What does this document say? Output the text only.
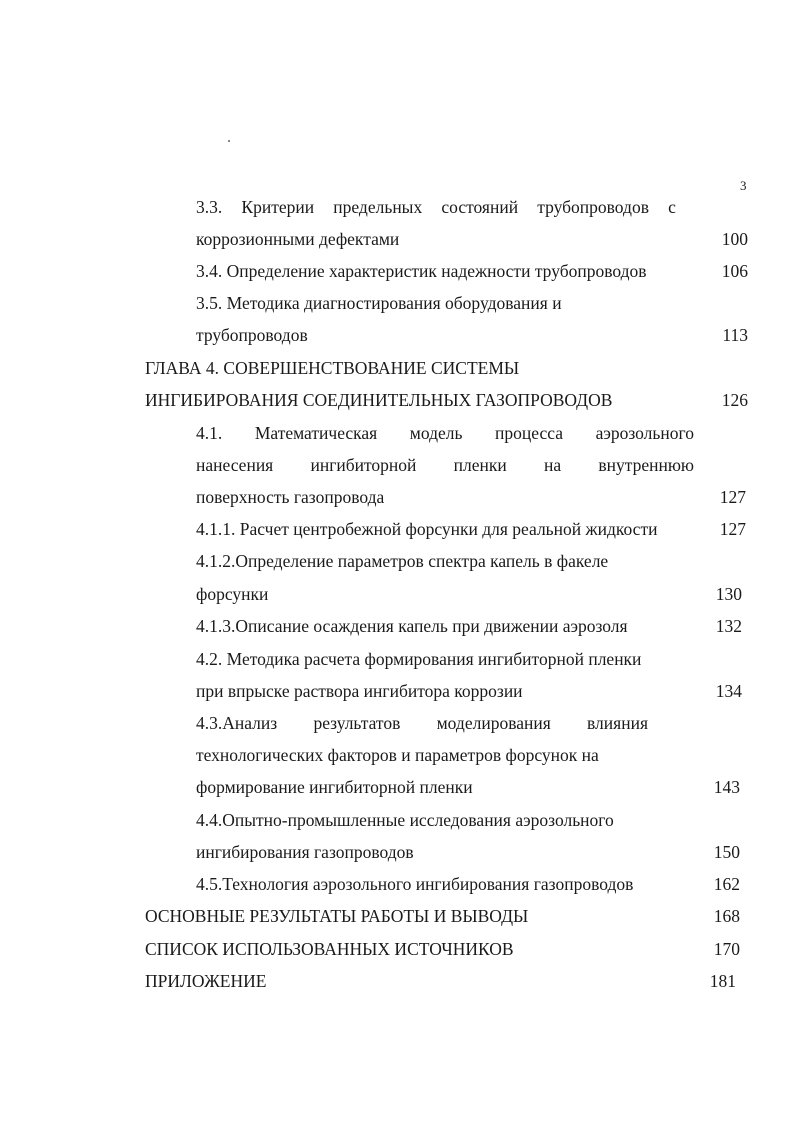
3
3.3. Критерии предельных состояний трубопроводов с
коррозионными дефектами	100
3.4. Определение характеристик надежности трубопроводов	106
3.5. Методика диагностирования оборудования и
трубопроводов	113
ГЛАВА 4. СОВЕРШЕНСТВОВАНИЕ СИСТЕМЫ
ИНГИБИРОВАНИЯ СОЕДИНИТЕЛЬНЫХ ГАЗОПРОВОДОВ	126
4.1. Математическая модель процесса аэрозольного
нанесения ингибиторной пленки на внутреннюю
поверхность газопровода	127
4.1.1. Расчет центробежной форсунки для реальной жидкости	127
4.1.2.Определение параметров спектра капель в факеле
форсунки	130
4.1.3.Описание осаждения капель при движении аэрозоля	132
4.2. Методика расчета формирования ингибиторной пленки
при впрыске раствора ингибитора коррозии	134
4.3.Анализ результатов моделирования влияния
технологических факторов и параметров форсунок на
формирование ингибиторной пленки	143
4.4.Опытно-промышленные исследования аэрозольного
ингибирования газопроводов	150
4.5.Технология аэрозольного ингибирования газопроводов	162
ОСНОВНЫЕ РЕЗУЛЬТАТЫ РАБОТЫ И ВЫВОДЫ	168
СПИСОК ИСПОЛЬЗОВАННЫХ ИСТОЧНИКОВ	170
ПРИЛОЖЕНИЕ	181
